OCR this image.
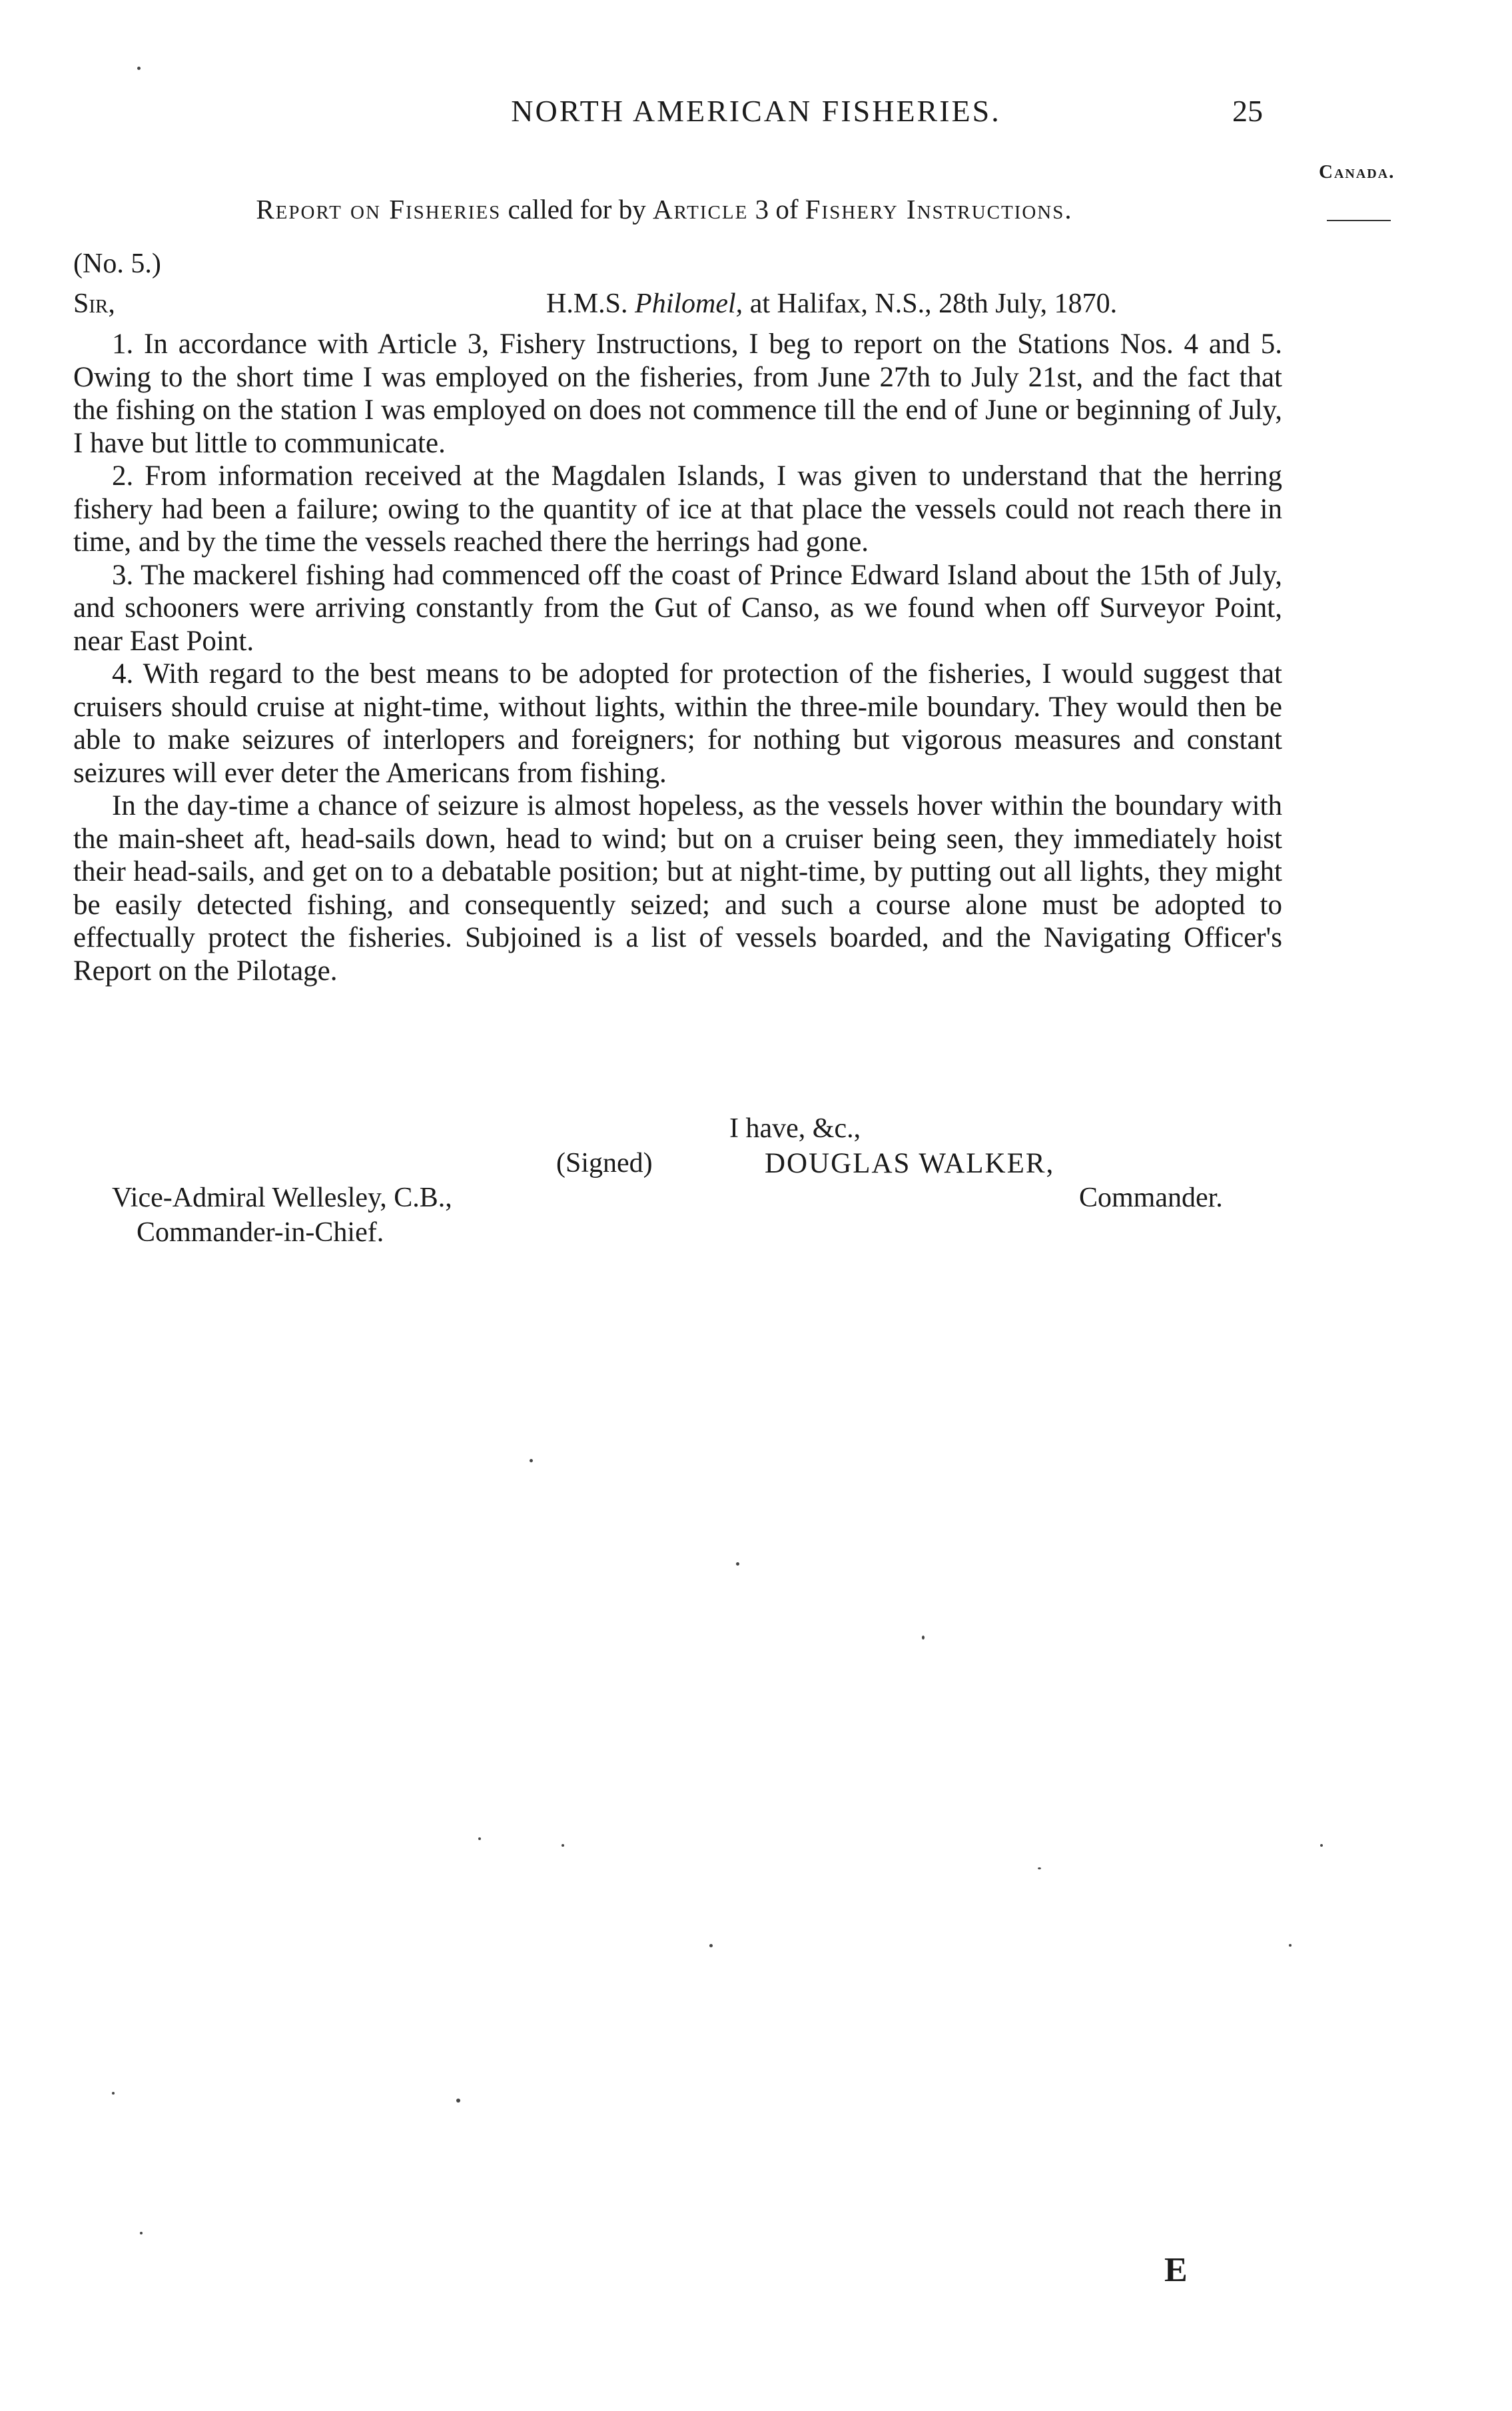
NORTH AMERICAN FISHERIES.	25
Canada.
Report on Fisheries called for by Article 3 of Fishery Instructions.
(No. 5.)
Sir,	H.M.S. Philomel, at Halifax, N.S., 28th July, 1870.

1. In accordance with Article 3, Fishery Instructions, I beg to report on the Stations Nos. 4 and 5. Owing to the short time I was employed on the fisheries, from June 27th to July 21st, and the fact that the fishing on the station I was employed on does not commence till the end of June or beginning of July, I have but little to communicate.

2. From information received at the Magdalen Islands, I was given to understand that the herring fishery had been a failure; owing to the quantity of ice at that place the vessels could not reach there in time, and by the time the vessels reached there the herrings had gone.

3. The mackerel fishing had commenced off the coast of Prince Edward Island about the 15th of July, and schooners were arriving constantly from the Gut of Canso, as we found when off Surveyor Point, near East Point.

4. With regard to the best means to be adopted for protection of the fisheries, I would suggest that cruisers should cruise at night-time, without lights, within the three-mile boundary. They would then be able to make seizures of interlopers and foreigners; for nothing but vigorous measures and constant seizures will ever deter the Americans from fishing.

In the day-time a chance of seizure is almost hopeless, as the vessels hover within the boundary with the main-sheet aft, head-sails down, head to wind; but on a cruiser being seen, they immediately hoist their head-sails, and get on to a debatable position; but at night-time, by putting out all lights, they might be easily detected fishing, and consequently seized; and such a course alone must be adopted to effectually protect the fisheries. Subjoined is a list of vessels boarded, and the Navigating Officer's Report on the Pilotage.

I have, &c.,
(Signed)	DOUGLAS WALKER,
Commander.
Vice-Admiral Wellesley, C.B.,
Commander-in-Chief.
E
